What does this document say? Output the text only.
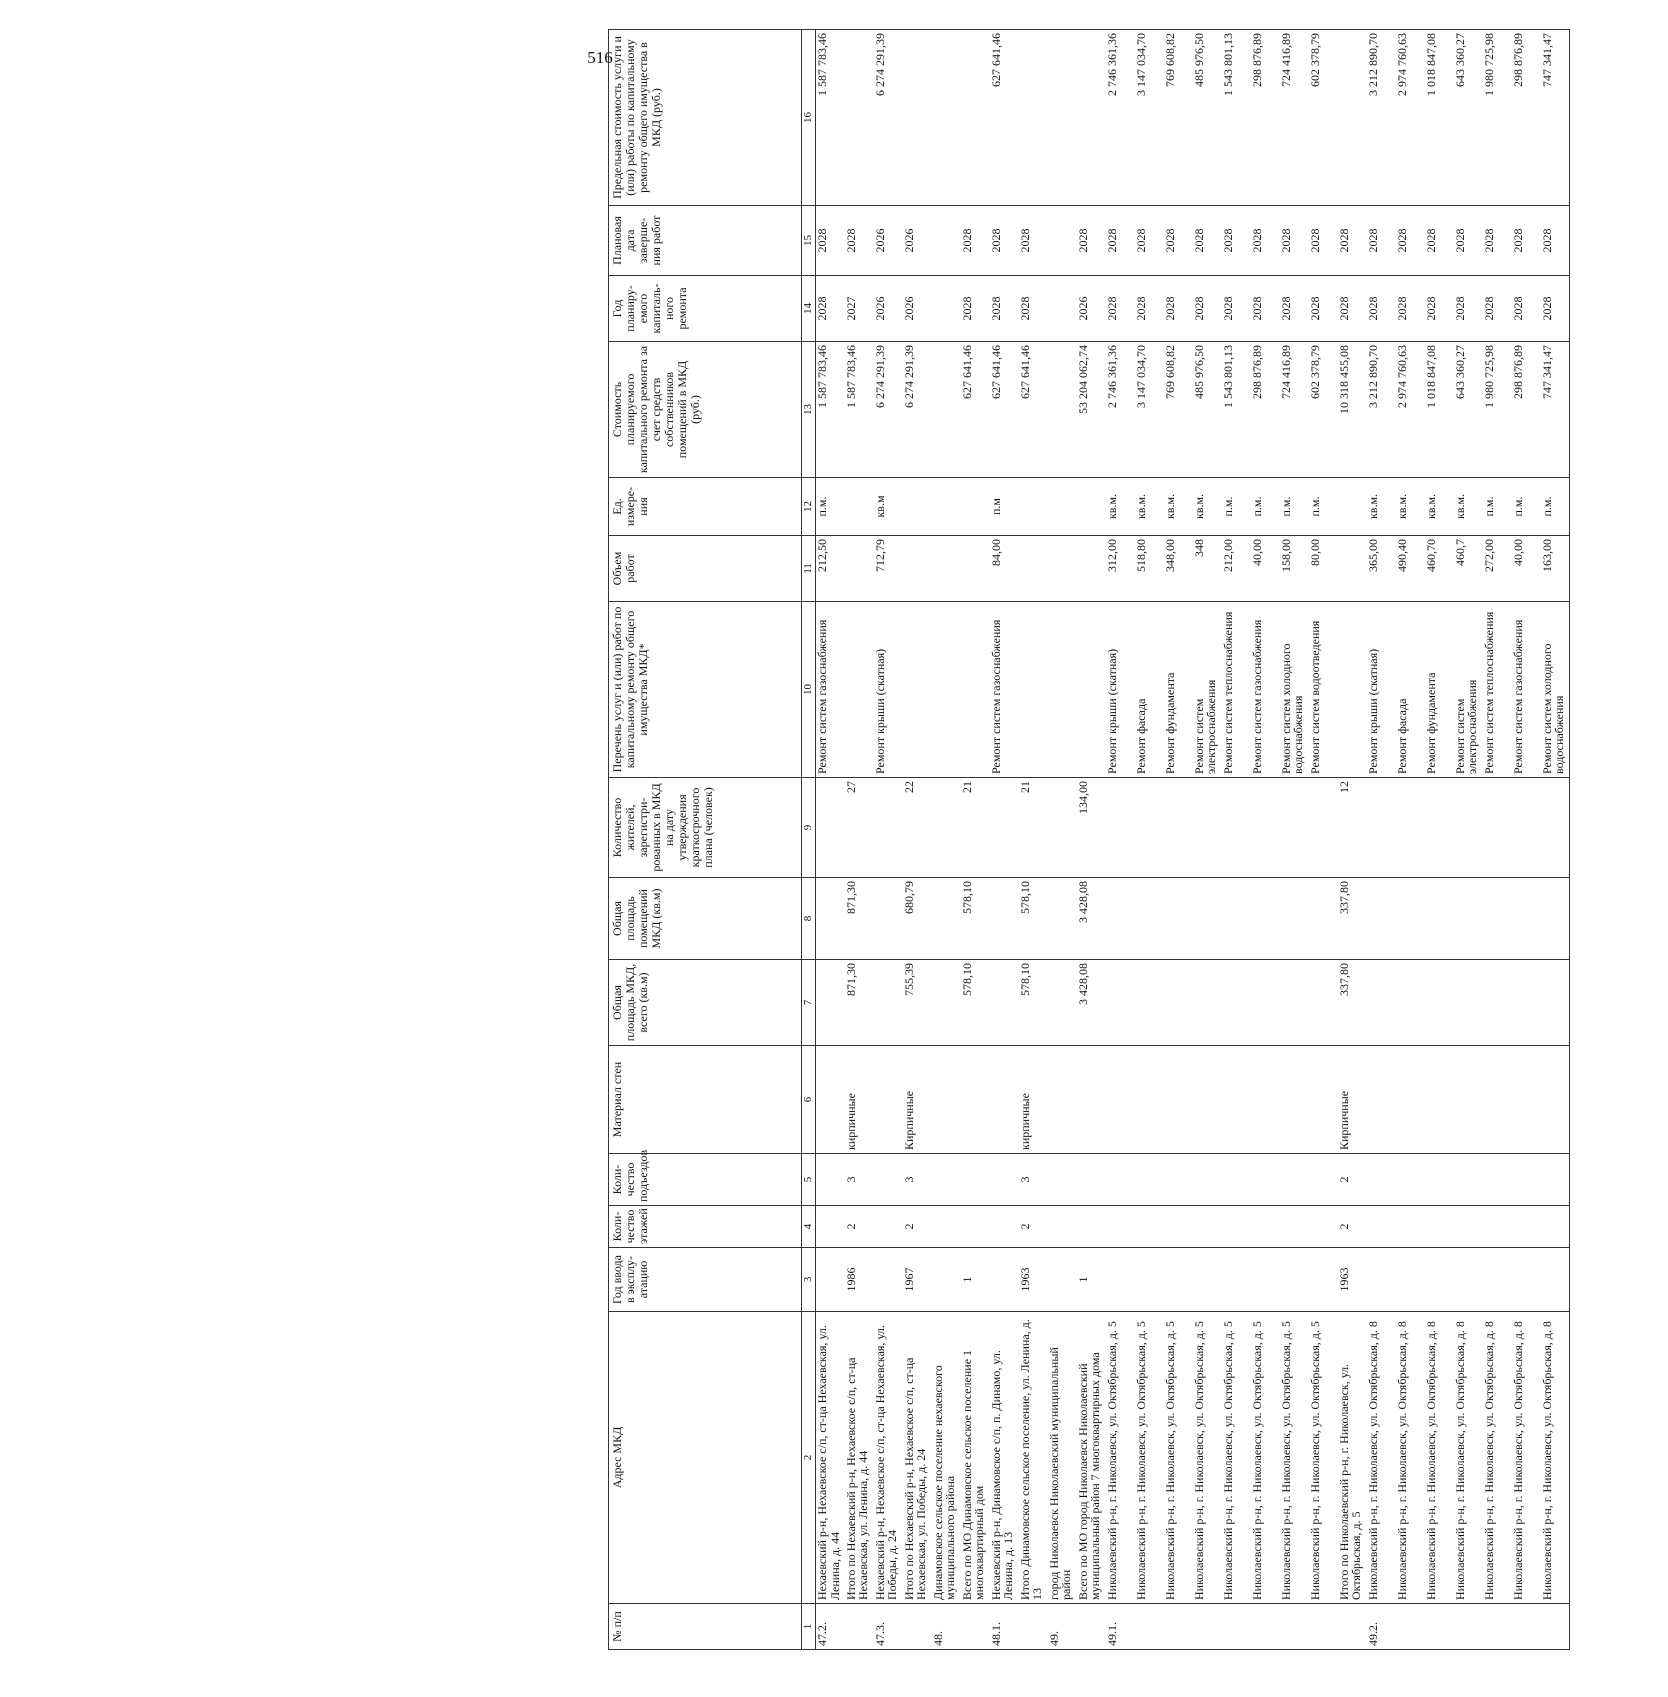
516
№ п/п	Адрес МКД	Год ввода в эксплу-атацию	Коли-чество этажей	Коли-чество подъездов	Материал стен	Общая площадь МКД, всего (кв.м)	Общая площадь помещений МКД (кв.м)	Количество жителей, зарегистри-рованных в МКД на дату утверждения краткосрочного плана (человек)	Перечень услуг и (или) работ по капитальному ремонту общего имущества МКД*	Объем работ	Ед. измере-ния	Стоимость планируемого капитального ремонта за счет средств собственников помещений в МКД (руб.)	Год планиру-емого капиталь-ного ремонта	Плановая дата заверше-ния работ	Предельная стоимость услуги и (или) работы по капитальному ремонту общего имущества в МКД (руб.)
1	2	3	4	5	6	7	8	9	10	11	12	13	14	15	16
47.2.	Нехаевский р-н, Нехаевское с/п, ст-ца Нехаевская, ул. Ленина, д. 44								Ремонт систем газоснабжения	212,50	п.м.	1 587 783,46	2028	2028	1 587 783,46
	Итого по Нехаевский р-н, Нехаевское с/п, ст-ца Нехаевская, ул. Ленина, д. 44	1986	2	3	кирпичные	871,30	871,30	27				1 587 783,46	2027	2028	
47.3.	Нехаевский р-н, Нехаевское с/п, ст-ца Нехаевская, ул. Победы, д. 24								Ремонт крыши (скатная)	712,79	кв.м	6 274 291,39	2026	2026	6 274 291,39
	Итого по Нехаевский р-н, Нехаевское с/п, ст-ца Нехаевская, ул. Победы, д. 24	1967	2	3	Кирпичные	755,39	680,79	22				6 274 291,39	2026	2026	
48.	Динамовское сельское поселение нехаевского муниципального района														
	Всего по МО Динамовское сельское поселение 1 многоквартирный дом	1				578,10	578,10	21				627 641,46	2028	2028	
48.1.	Нехаевский р-н, Динамовское с/п, п. Динамо, ул. Ленина, д. 13								Ремонт систем газоснабжения	84,00	п.м	627 641,46	2028	2028	627 641,46
	Итого Динамовское сельское поселение, ул. Ленина, д. 13	1963	2	3	кирпичные	578,10	578,10	21				627 641,46	2028	2028	
49.	город Николаевск Николаевский муниципальный район														
	Всего по МО город Николаевск Николаевский муниципальный район 7 многоквартирных дома	1				3 428,08	3 428,08	134,00				53 204 062,74	2026	2028	
49.1.	Николаевский р-н, г. Николаевск, ул. Октябрьская, д. 5								Ремонт крыши (скатная)	312,00	кв.м.	2 746 361,36	2028	2028	2 746 361,36
	Николаевский р-н, г. Николаевск, ул. Октябрьская, д. 5								Ремонт фасада	518,80	кв.м.	3 147 034,70	2028	2028	3 147 034,70
	Николаевский р-н, г. Николаевск, ул. Октябрьская, д. 5								Ремонт фундамента	348,00	кв.м.	769 608,82	2028	2028	769 608,82
	Николаевский р-н, г. Николаевск, ул. Октябрьская, д. 5								Ремонт систем электроснабжения	348	кв.м.	485 976,50	2028	2028	485 976,50
	Николаевский р-н, г. Николаевск, ул. Октябрьская, д. 5								Ремонт систем теплоснабжения	212,00	п.м.	1 543 801,13	2028	2028	1 543 801,13
	Николаевский р-н, г. Николаевск, ул. Октябрьская, д. 5								Ремонт систем газоснабжения	40,00	п.м.	298 876,89	2028	2028	298 876,89
	Николаевский р-н, г. Николаевск, ул. Октябрьская, д. 5								Ремонт систем холодного водоснабжения	158,00	п.м.	724 416,89	2028	2028	724 416,89
	Николаевский р-н, г. Николаевск, ул. Октябрьская, д. 5								Ремонт систем водоотведения	80,00	п.м.	602 378,79	2028	2028	602 378,79
	Итого по Николаевский р-н, г. Николаевск, ул. Октябрьская, д. 5	1963	2	2	Кирпичные	337,80	337,80	12				10 318 455,08	2028	2028	
49.2.	Николаевский р-н, г. Николаевск, ул. Октябрьская, д. 8								Ремонт крыши (скатная)	365,00	кв.м.	3 212 890,70	2028	2028	3 212 890,70
	Николаевский р-н, г. Николаевск, ул. Октябрьская, д. 8								Ремонт фасада	490,40	кв.м.	2 974 760,63	2028	2028	2 974 760,63
	Николаевский р-н, г. Николаевск, ул. Октябрьская, д. 8								Ремонт фундамента	460,70	кв.м.	1 018 847,08	2028	2028	1 018 847,08
	Николаевский р-н, г. Николаевск, ул. Октябрьская, д. 8								Ремонт систем электроснабжения	460,7	кв.м.	643 360,27	2028	2028	643 360,27
	Николаевский р-н, г. Николаевск, ул. Октябрьская, д. 8								Ремонт систем теплоснабжения	272,00	п.м.	1 980 725,98	2028	2028	1 980 725,98
	Николаевский р-н, г. Николаевск, ул. Октябрьская, д. 8								Ремонт систем газоснабжения	40,00	п.м.	298 876,89	2028	2028	298 876,89
	Николаевский р-н, г. Николаевск, ул. Октябрьская, д. 8								Ремонт систем холодного водоснабжения	163,00	п.м.	747 341,47	2028	2028	747 341,47
